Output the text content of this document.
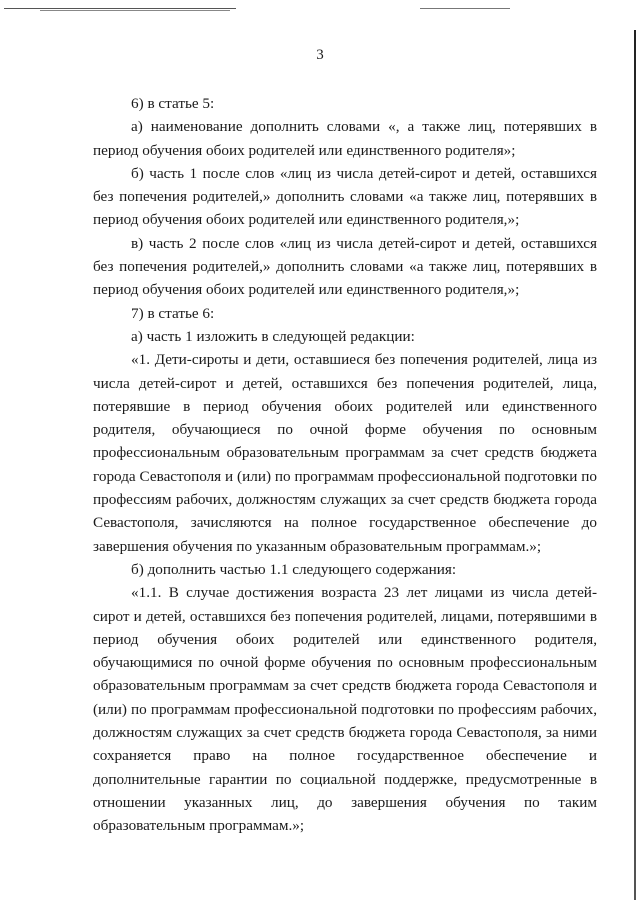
3

6) в статье 5:

а) наименование дополнить словами «, а также лиц, потерявших в период обучения обоих родителей или единственного родителя»;

б) часть 1 после слов «лиц из числа детей-сирот и детей, оставшихся без попечения родителей,» дополнить словами «а также лиц, потерявших в период обучения обоих родителей или единственного родителя,»;

в) часть 2 после слов «лиц из числа детей-сирот и детей, оставшихся без попечения родителей,» дополнить словами «а также лиц, потерявших в период обучения обоих родителей или единственного родителя,»;

7) в статье 6:

а) часть 1 изложить в следующей редакции:

«1. Дети-сироты и дети, оставшиеся без попечения родителей, лица из числа детей-сирот и детей, оставшихся без попечения родителей, лица, потерявшие в период обучения обоих родителей или единственного родителя, обучающиеся по очной форме обучения по основным профессиональным образовательным программам за счет средств бюджета города Севастополя и (или) по программам профессиональной подготовки по профессиям рабочих, должностям служащих за счет средств бюджета города Севастополя, зачисляются на полное государственное обеспечение до завершения обучения по указанным образовательным программам.»;

б) дополнить частью 1.1 следующего содержания:

«1.1. В случае достижения возраста 23 лет лицами из числа детей-сирот и детей, оставшихся без попечения родителей, лицами, потерявшими в период обучения обоих родителей или единственного родителя, обучающимися по очной форме обучения по основным профессиональным образовательным программам за счет средств бюджета города Севастополя и (или) по программам профессиональной подготовки по профессиям рабочих, должностям служащих за счет средств бюджета города Севастополя, за ними сохраняется право на полное государственное обеспечение и дополнительные гарантии по социальной поддержке, предусмотренные в отношении указанных лиц, до завершения обучения по таким образовательным программам.»;
